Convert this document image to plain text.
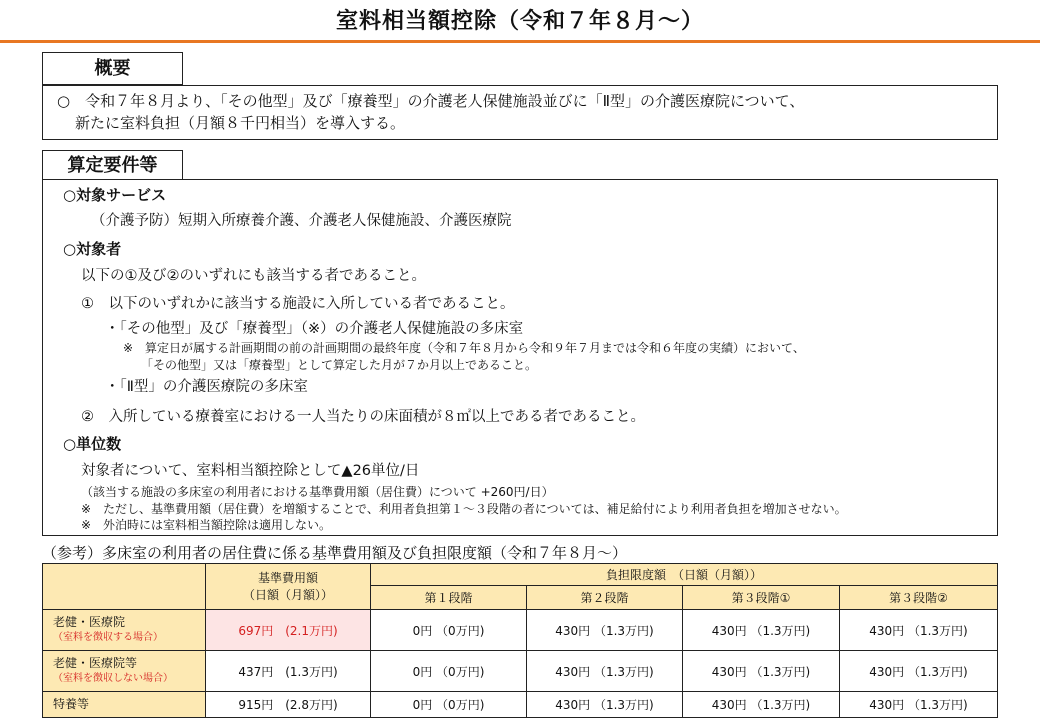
室料相当額控除（令和７年８月～）
概要
○　令和７年８月より、「その他型」及び「療養型」の介護老人保健施設並びに「Ⅱ型」の介護医療院について、
新たに室料負担（月額８千円相当）を導入する。
算定要件等
○対象サービス
（介護予防）短期入所療養介護、介護老人保健施設、介護医療院
○対象者
以下の①及び②のいずれにも該当する者であること。
①　以下のいずれかに該当する施設に入所している者であること。
・「その他型」及び「療養型」（※）の介護老人保健施設の多床室
※　算定日が属する計画期間の前の計画期間の最終年度（令和７年８月から令和９年７月までは令和６年度の実績）において、
「その他型」又は「療養型」として算定した月が７か月以上であること。
・「Ⅱ型」の介護医療院の多床室
②　入所している療養室における一人当たりの床面積が８㎡以上である者であること。
○単位数
対象者について、室料相当額控除として▲26単位/日
（該当する施設の多床室の利用者における基準費用額（居住費）について +260円/日）
※　ただし、基準費用額（居住費）を増額することで、利用者負担第１～３段階の者については、補足給付により利用者負担を増加させない。
※　外泊時には室料相当額控除は適用しない。
（参考）多床室の利用者の居住費に係る基準費用額及び負担限度額（令和７年８月～）

	基準費用額
（日額（月額））	負担限度額　（日額（月額））			
		第１段階	第２段階	第３段階①	第３段階②

老健・医療院
（室料を徴収する場合）	697円　(2.1万円)	0円 （0万円)	430円 （1.3万円)	430円 （1.3万円)	430円 （1.3万円)

老健・医療院等
（室料を徴収しない場合）	437円　(1.3万円)	0円 （0万円)	430円 （1.3万円)	430円 （1.3万円)	430円 （1.3万円)

特養等	915円　(2.8万円)	0円 （0万円)	430円 （1.3万円)	430円 （1.3万円)	430円 （1.3万円)
